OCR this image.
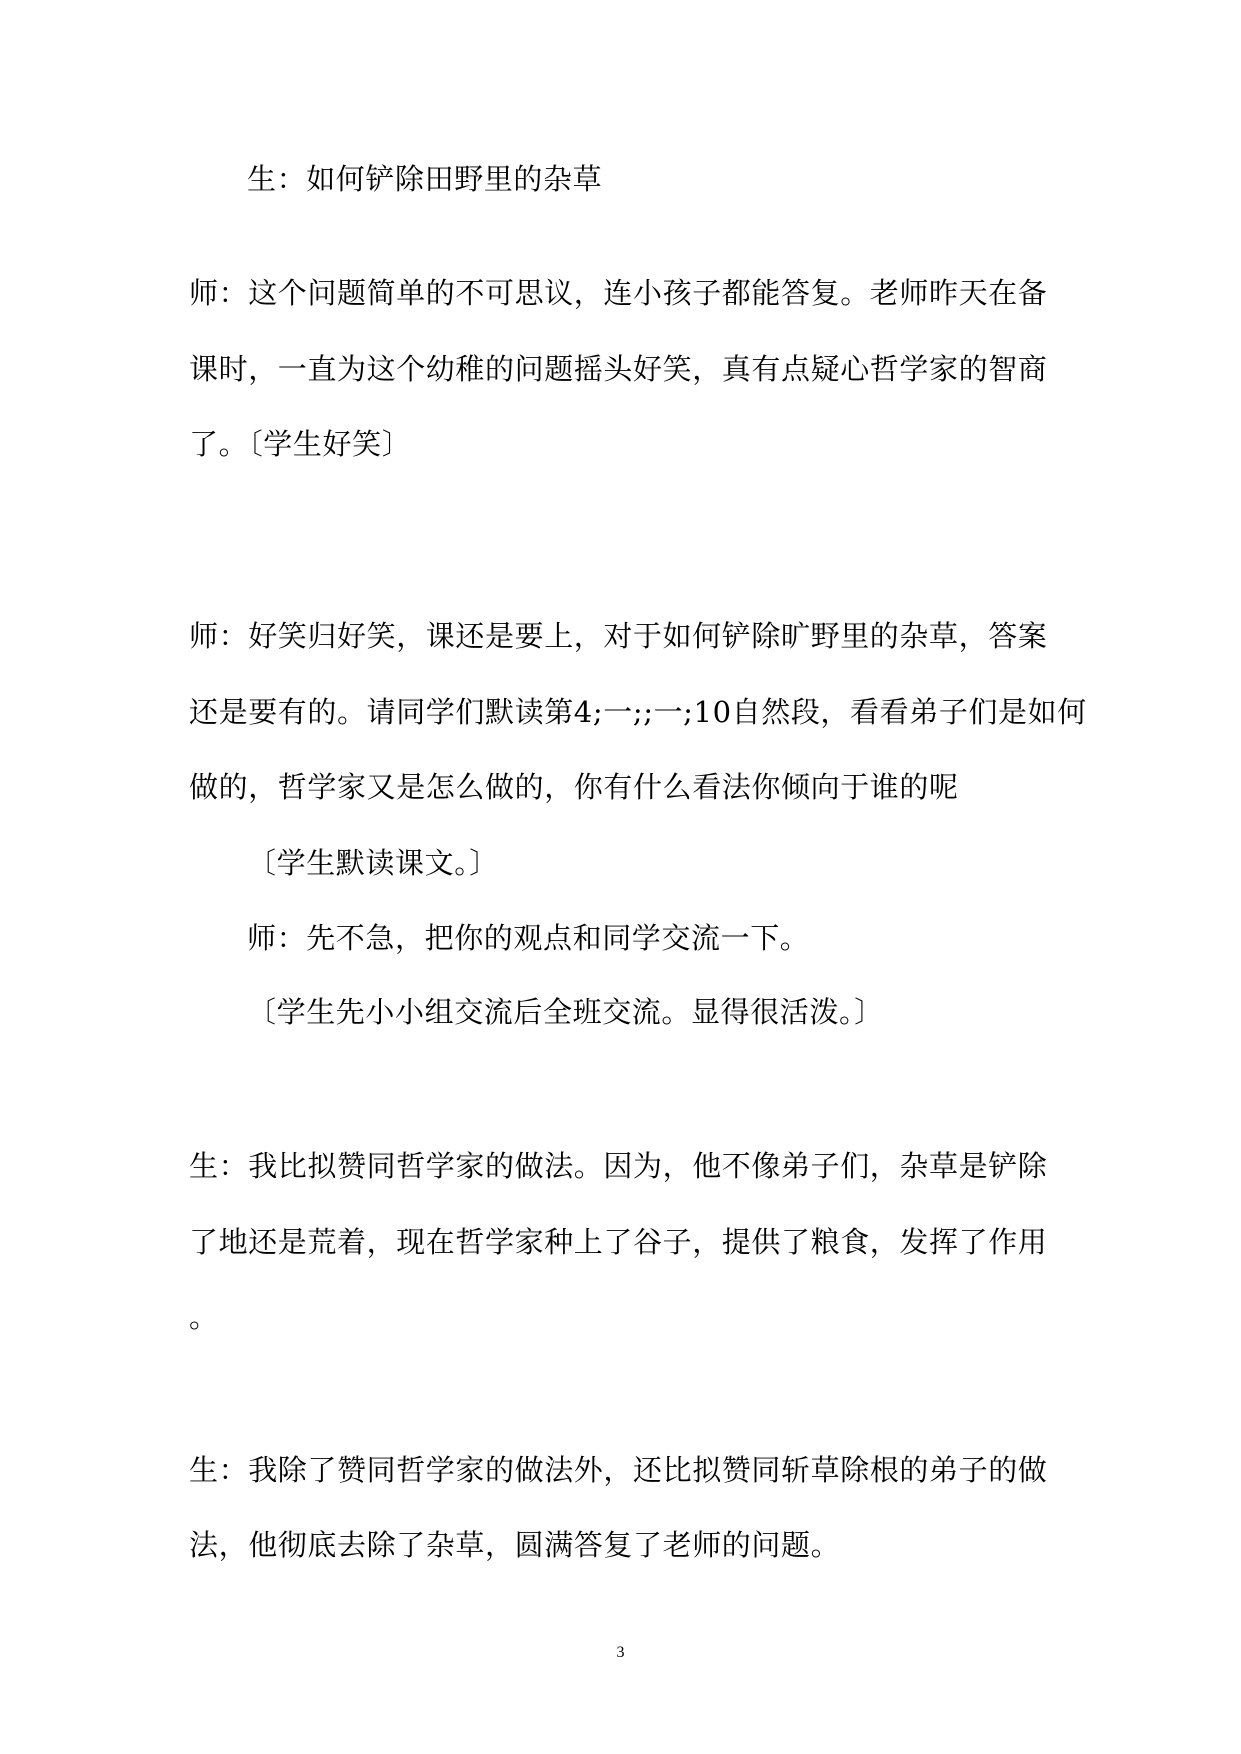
生：如何铲除田野里的杂草
师：这个问题简单的不可思议，连小孩子都能答复。老师昨天在备
课时，一直为这个幼稚的问题摇头好笑，真有点疑心哲学家的智商
了。〔学生好笑〕
师：好笑归好笑，课还是要上，对于如何铲除旷野里的杂草，答案
还是要有的。请同学们默读第4;一;;一;10自然段，看看弟子们是如何
做的，哲学家又是怎么做的，你有什么看法你倾向于谁的呢
〔学生默读课文。〕
师：先不急，把你的观点和同学交流一下。
〔学生先小小组交流后全班交流。显得很活泼。〕
生：我比拟赞同哲学家的做法。因为，他不像弟子们，杂草是铲除
了地还是荒着，现在哲学家种上了谷子，提供了粮食，发挥了作用
。
生：我除了赞同哲学家的做法外，还比拟赞同斩草除根的弟子的做
法，他彻底去除了杂草，圆满答复了老师的问题。
3
